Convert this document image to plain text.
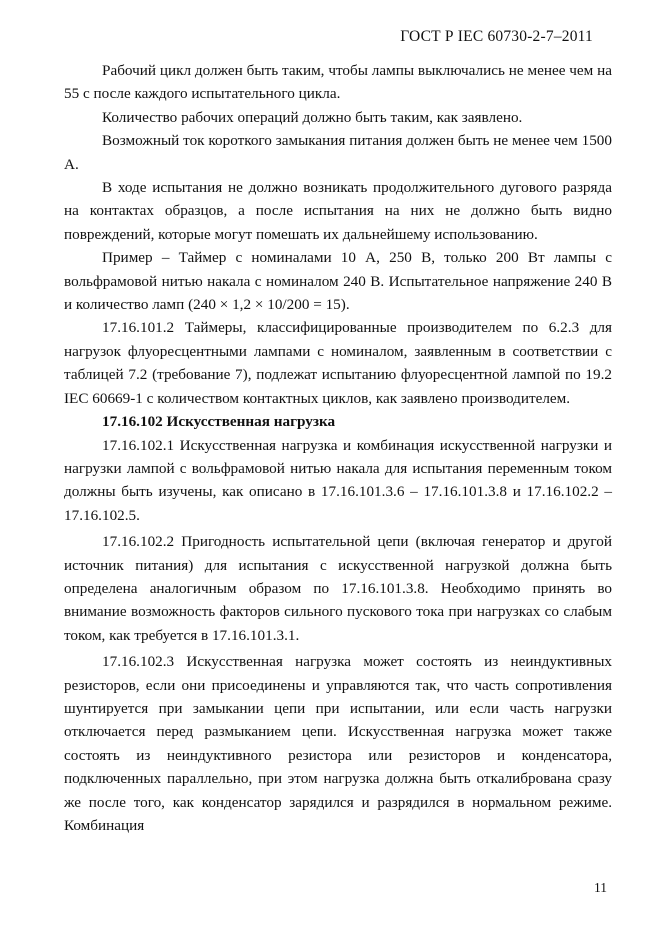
ГОСТ Р IEC 60730-2-7–2011

Рабочий цикл должен быть таким, чтобы лампы выключались не менее чем на 55 с после каждого испытательного цикла.

Количество рабочих операций должно быть таким, как заявлено.

Возможный ток короткого замыкания питания должен быть не менее чем 1500 А.

В ходе испытания не должно возникать продолжительного дугового разряда на контактах образцов, а после испытания на них не должно быть видно повреждений, которые могут помешать их дальнейшему использованию.

Пример – Таймер с номиналами 10 А, 250 В, только 200 Вт лампы с вольфрамовой нитью накала с номиналом 240 В. Испытательное напряжение 240 В и количество ламп (240 × 1,2 × 10/200 = 15).

17.16.101.2 Таймеры, классифицированные производителем по 6.2.3 для нагрузок флуоресцентными лампами с номиналом, заявленным в соответствии с таблицей 7.2 (требование 7), подлежат испытанию флуоресцентной лампой по 19.2 IEC 60669-1 с количеством контактных циклов, как заявлено производителем.

17.16.102 Искусственная нагрузка

17.16.102.1 Искусственная нагрузка и комбинация искусственной нагрузки и нагрузки лампой с вольфрамовой нитью накала для испытания переменным током должны быть изучены, как описано в 17.16.101.3.6 – 17.16.101.3.8 и 17.16.102.2 – 17.16.102.5.

17.16.102.2 Пригодность испытательной цепи (включая генератор и другой источник питания) для испытания с искусственной нагрузкой должна быть определена аналогичным образом по 17.16.101.3.8. Необходимо принять во внимание возможность факторов сильного пускового тока при нагрузках со слабым током, как требуется в 17.16.101.3.1.

17.16.102.3 Искусственная нагрузка может состоять из неиндуктивных резисторов, если они присоединены и управляются так, что часть сопротивления шунтируется при замыкании цепи при испытании, или если часть нагрузки отключается перед размыканием цепи. Искусственная нагрузка может также состоять из неиндуктивного резистора или резисторов и конденсатора, подключенных параллельно, при этом нагрузка должна быть откалибрована сразу же после того, как конденсатор зарядился и разрядился в нормальном режиме. Комбинация

11
